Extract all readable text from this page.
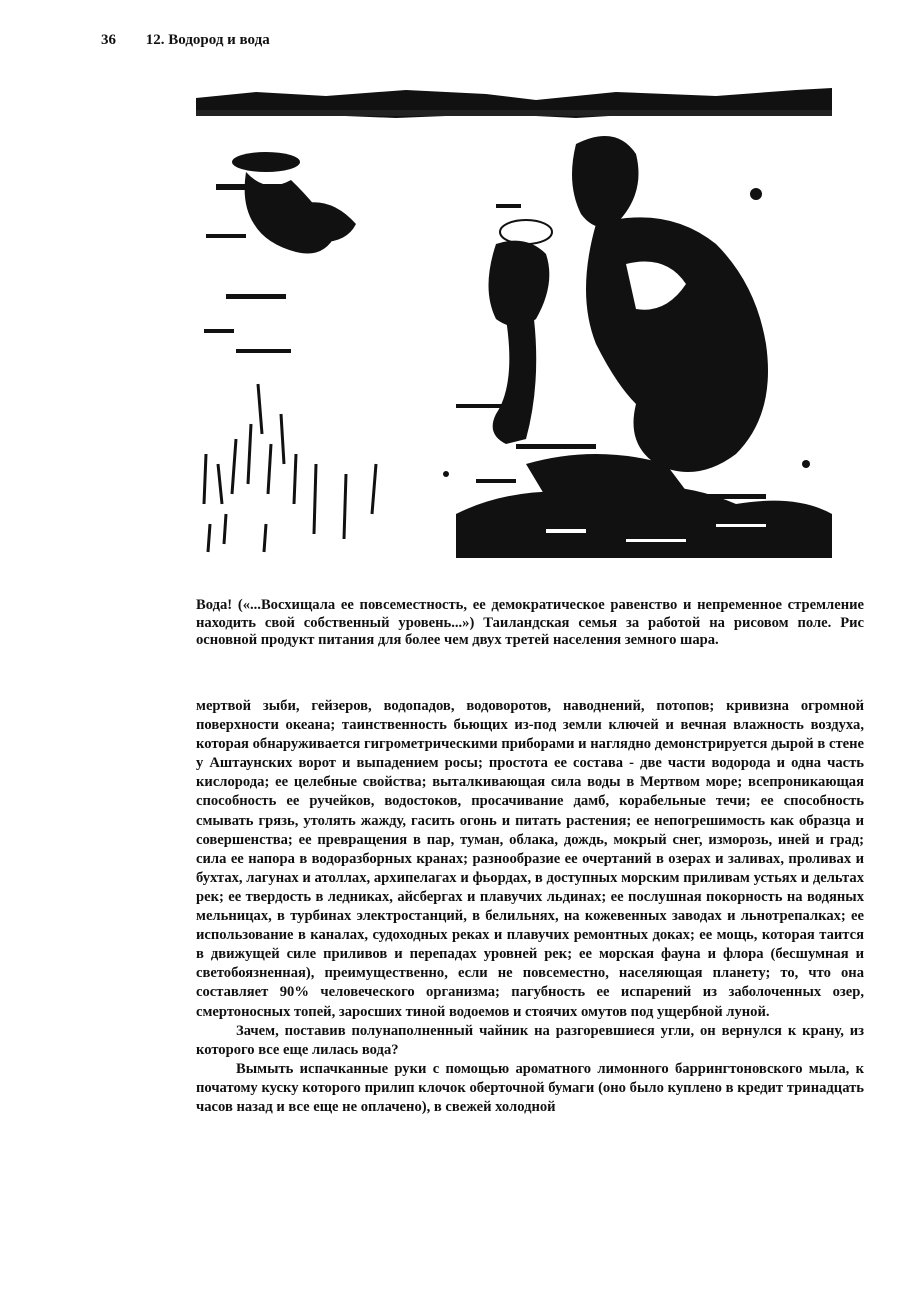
36 12. Водород и вода

Вода! («...Восхищала ее повсеместность, ее демократическое равенство и непременное стремление находить свой собственный уровень...») Таиландская семья за работой на рисовом поле. Рис основной продукт питания для более чем двух третей населения земного шара.

мертвой зыби, гейзеров, водопадов, водоворотов, наводнений, потопов; кривизна огромной поверхности океана; таинственность бьющих из-под земли ключей и вечная влажность воздуха, которая обнаруживается гигрометрическими приборами и наглядно демонстрируется дырой в стене у Аштаунских ворот и выпадением росы; простота ее состава - две части водорода и одна часть кислорода; ее целебные свойства; выталкивающая сила воды в Мертвом море; всепроникающая способность ее ручейков, водостоков, просачивание дамб, корабельные течи; ее способность смывать грязь, утолять жажду, гасить огонь и питать растения; ее непогрешимость как образца и совершенства; ее превращения в пар, туман, облака, дождь, мокрый снег, изморозь, иней и град; сила ее напора в водоразборных кранах; разнообразие ее очертаний в озерах и заливах, проливах и бухтах, лагунах и атоллах, архипелагах и фьордах, в доступных морским приливам устьях и дельтах рек; ее твердость в ледниках, айсбергах и плавучих льдинах; ее послушная покорность на водяных мельницах, в турбинах электростанций, в белильнях, на кожевенных заводах и льнотрепалках; ее использование в каналах, судоходных реках и плавучих ремонтных доках; ее мощь, которая таится в движущей силе приливов и перепадах уровней рек; ее морская фауна и флора (бесшумная и светобоязненная), преимущественно, если не повсеместно, населяющая планету; то, что она составляет 90% человеческого организма; пагубность ее испарений из заболоченных озер, смертоносных топей, заросших тиной водоемов и стоячих омутов под ущербной луной.

Зачем, поставив полунаполненный чайник на разгоревшиеся угли, он вернулся к крану, из которого все еще лилась вода?

Вымыть испачканные руки с помощью ароматного лимонного баррингтоновского мыла, к початому куску которого прилип клочок оберточной бумаги (оно было куплено в кредит тринадцать часов назад и все еще не оплачено), в свежей холодной
